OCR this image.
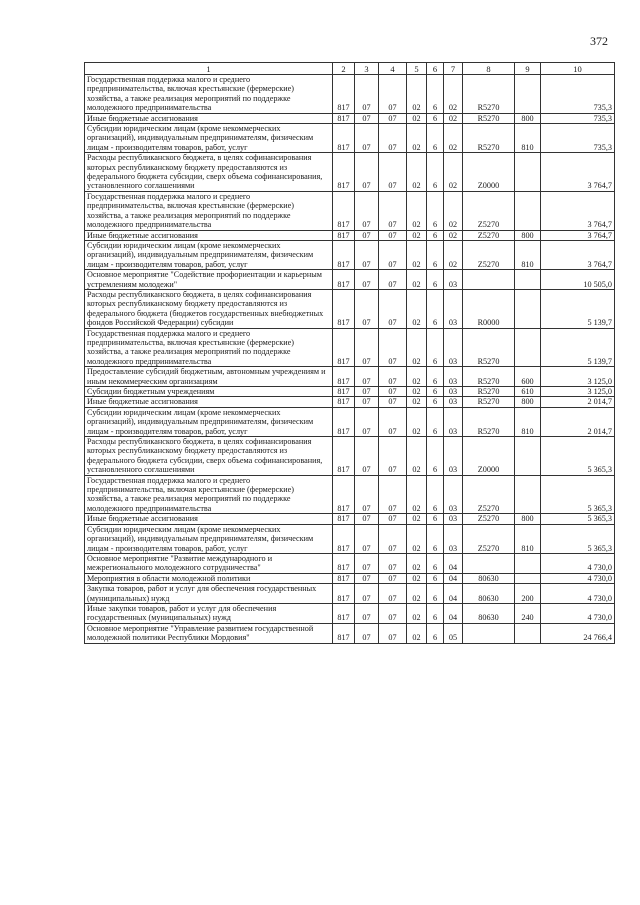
372
1	2	3	4	5	6	7	8	9	10
Государственная поддержка малого и среднего предпринимательства, включая крестьянские (фермерские) хозяйства, а также реализация мероприятий по поддержке молодежного предпринимательства	817	07	07	02	6	02	R5270		735,3
Иные бюджетные ассигнования	817	07	07	02	6	02	R5270	800	735,3
Субсидии юридическим лицам (кроме некоммерческих организаций), индивидуальным предпринимателям, физическим лицам - производителям товаров, работ, услуг	817	07	07	02	6	02	R5270	810	735,3
Расходы республиканского бюджета, в целях софинансирования которых республиканскому бюджету предоставляются из федерального бюджета субсидии, сверх объема софинансирования, установленного соглашениями	817	07	07	02	6	02	Z0000		3 764,7
Государственная поддержка малого и среднего предпринимательства, включая крестьянские (фермерские) хозяйства, а также реализация мероприятий по поддержке молодежного предпринимательства	817	07	07	02	6	02	Z5270		3 764,7
Иные бюджетные ассигнования	817	07	07	02	6	02	Z5270	800	3 764,7
Субсидии юридическим лицам (кроме некоммерческих организаций), индивидуальным предпринимателям, физическим лицам - производителям товаров, работ, услуг	817	07	07	02	6	02	Z5270	810	3 764,7
Основное мероприятие "Содействие профориентации и карьерным устремлениям молодежи"	817	07	07	02	6	03			10 505,0
Расходы республиканского бюджета, в целях софинансирования которых республиканскому бюджету предоставляются из федерального бюджета (бюджетов государственных внебюджетных фондов Российской Федерации) субсидии	817	07	07	02	6	03	R0000		5 139,7
Государственная поддержка малого и среднего предпринимательства, включая крестьянские (фермерские) хозяйства, а также реализация мероприятий по поддержке молодежного предпринимательства	817	07	07	02	6	03	R5270		5 139,7
Предоставление субсидий бюджетным, автономным учреждениям и иным некоммерческим организациям	817	07	07	02	6	03	R5270	600	3 125,0
Субсидии бюджетным учреждениям	817	07	07	02	6	03	R5270	610	3 125,0
Иные бюджетные ассигнования	817	07	07	02	6	03	R5270	800	2 014,7
Субсидии юридическим лицам (кроме некоммерческих организаций), индивидуальным предпринимателям, физическим лицам - производителям товаров, работ, услуг	817	07	07	02	6	03	R5270	810	2 014,7
Расходы республиканского бюджета, в целях софинансирования которых республиканскому бюджету предоставляются из федерального бюджета субсидии, сверх объема софинансирования, установленного соглашениями	817	07	07	02	6	03	Z0000		5 365,3
Государственная поддержка малого и среднего предпринимательства, включая крестьянские (фермерские) хозяйства, а также реализация мероприятий по поддержке молодежного предпринимательства	817	07	07	02	6	03	Z5270		5 365,3
Иные бюджетные ассигнования	817	07	07	02	6	03	Z5270	800	5 365,3
Субсидии юридическим лицам (кроме некоммерческих организаций), индивидуальным предпринимателям, физическим лицам - производителям товаров, работ, услуг	817	07	07	02	6	03	Z5270	810	5 365,3
Основное мероприятие "Развитие международного и межрегионального молодежного сотрудничества"	817	07	07	02	6	04			4 730,0
Мероприятия в области молодежной политики	817	07	07	02	6	04	80630		4 730,0
Закупка товаров, работ и услуг для обеспечения государственных (муниципальных) нужд	817	07	07	02	6	04	80630	200	4 730,0
Иные закупки товаров, работ и услуг для обеспечения государственных (муниципальных) нужд	817	07	07	02	6	04	80630	240	4 730,0
Основное мероприятие "Управление развитием государственной молодежной политики Республики Мордовия"	817	07	07	02	6	05			24 766,4
